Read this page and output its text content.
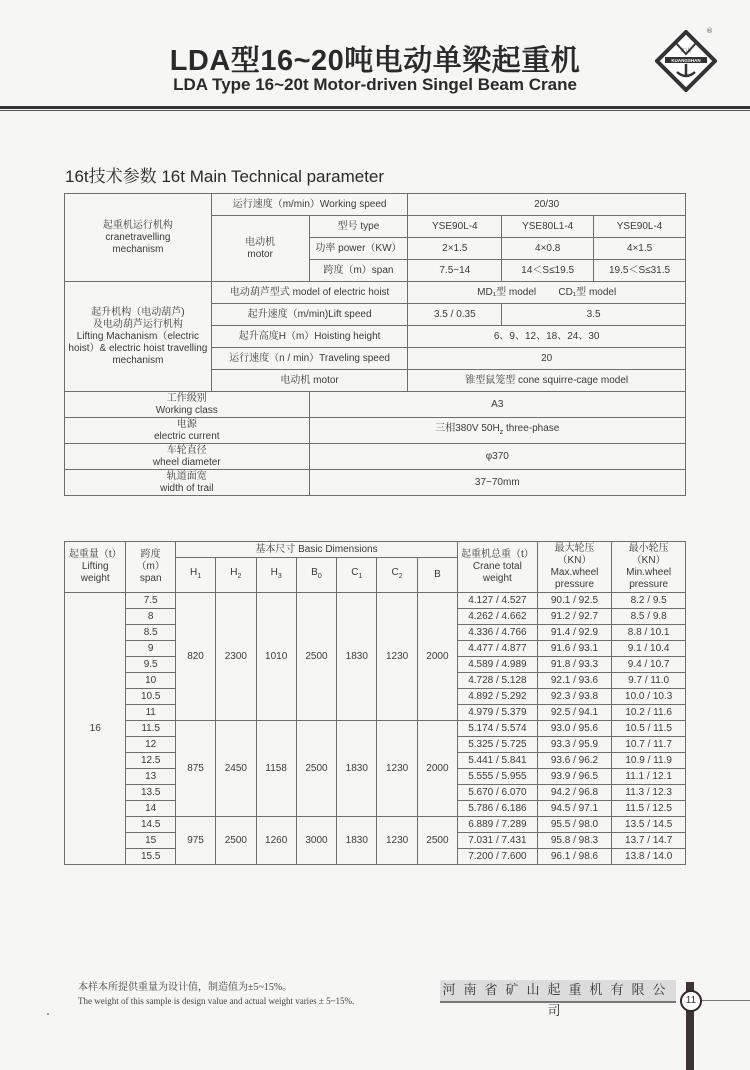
LDA型16~20吨电动单梁起重机
LDA Type 16~20t Motor-driven Singel Beam Crane
KUANGSHAN
矿山
®
16t技术参数 16t Main Technical parameter
起重机运行机构
cranetravelling
mechanism	运行速度（m/min）Working speed		20/30		

	电动机
motor	型号 type	YSE90L-4	YSE80L1-4	YSE90L-4
		功率 power（KW）	2×1.5	4×0.8	4×1.5
		跨度（m）span	7.5~14	14＜S≤19.5	19.5＜S≤31.5

起升机构（电动葫芦)
及电动葫芦运行机构
Lifting Machanism（electric
hoist）& electric hoist travelling
mechanism	电动葫芦型式 model of electric hoist		MD₁型 model CD₁型 model		
	起升速度（m/min)Lift speed		3.5 / 0.35	3.5	
	起升高度H（m）Hoisting height		6、9、12、18、24、30		
	运行速度（n / min）Traveling speed		20		
	电动机 motor		锥型鼠笼型 cone squirre-cage model		

工作级别
Working class		A3			

电源
electric current		三相380V $50H_z$ three-phase			

车轮直径
wheel diameter		φ370			

轨道面宽
width of trail		37~70mm			
起重量（t）
Lifting
weight	跨度
（m）
span	基本尺寸 Basic Dimensions							起重机总重（t）
Crane total
weight	最大轮压
（KN）
Max.wheel
pressure	最小轮压
（KN）
Min.wheel
pressure

		$H_1$	$H_2$	$H_3$	$B_0$	$C_1$	$C_2$	B			
16	7.5	820	2300	1010	2500	1830	1230	2000	4.127 / 4.527	90.1 / 92.5	8.2 / 9.5
	8								4.262 / 4.662	91.2 / 92.7	8.5 / 9.8
	8.5								4.336 / 4.766	91.4 / 92.9	8.8 / 10.1
	9								4.477 / 4.877	91.6 / 93.1	9.1 / 10.4
	9.5								4.589 / 4.989	91.8 / 93.3	9.4 / 10.7
	10								4.728 / 5.128	92.1 / 93.6	9.7 / 11.0
	10.5								4.892 / 5.292	92.3 / 93.8	10.0 / 10.3
	11								4.979 / 5.379	92.5 / 94.1	10.2 / 11.6
	11.5	875	2450	1158	2500	1830	1230	2000	5.174 / 5.574	93.0 / 95.6	10.5 / 11.5
	12								5.325 / 5.725	93.3 / 95.9	10.7 / 11.7
	12.5								5.441 / 5.841	93.6 / 96.2	10.9 / 11.9
	13								5.555 / 5.955	93.9 / 96.5	11.1 / 12.1
	13.5								5.670 / 6.070	94.2 / 96.8	11.3 / 12.3
	14								5.786 / 6.186	94.5 / 97.1	11.5 / 12.5
	14.5	975	2500	1260	3000	1830	1230	2500	6.889 / 7.289	95.5 / 98.0	13.5 / 14.5
	15								7.031 / 7.431	95.8 / 98.3	13.7 / 14.7
	15.5								7.200 / 7.600	96.1 / 98.6	13.8 / 14.0
本样本所提供重量为设计值，制造值为±5~15%。
The weight of this sample is design value and actual weight varies ± 5~15%.
河南省矿山起重机有限公司
11
